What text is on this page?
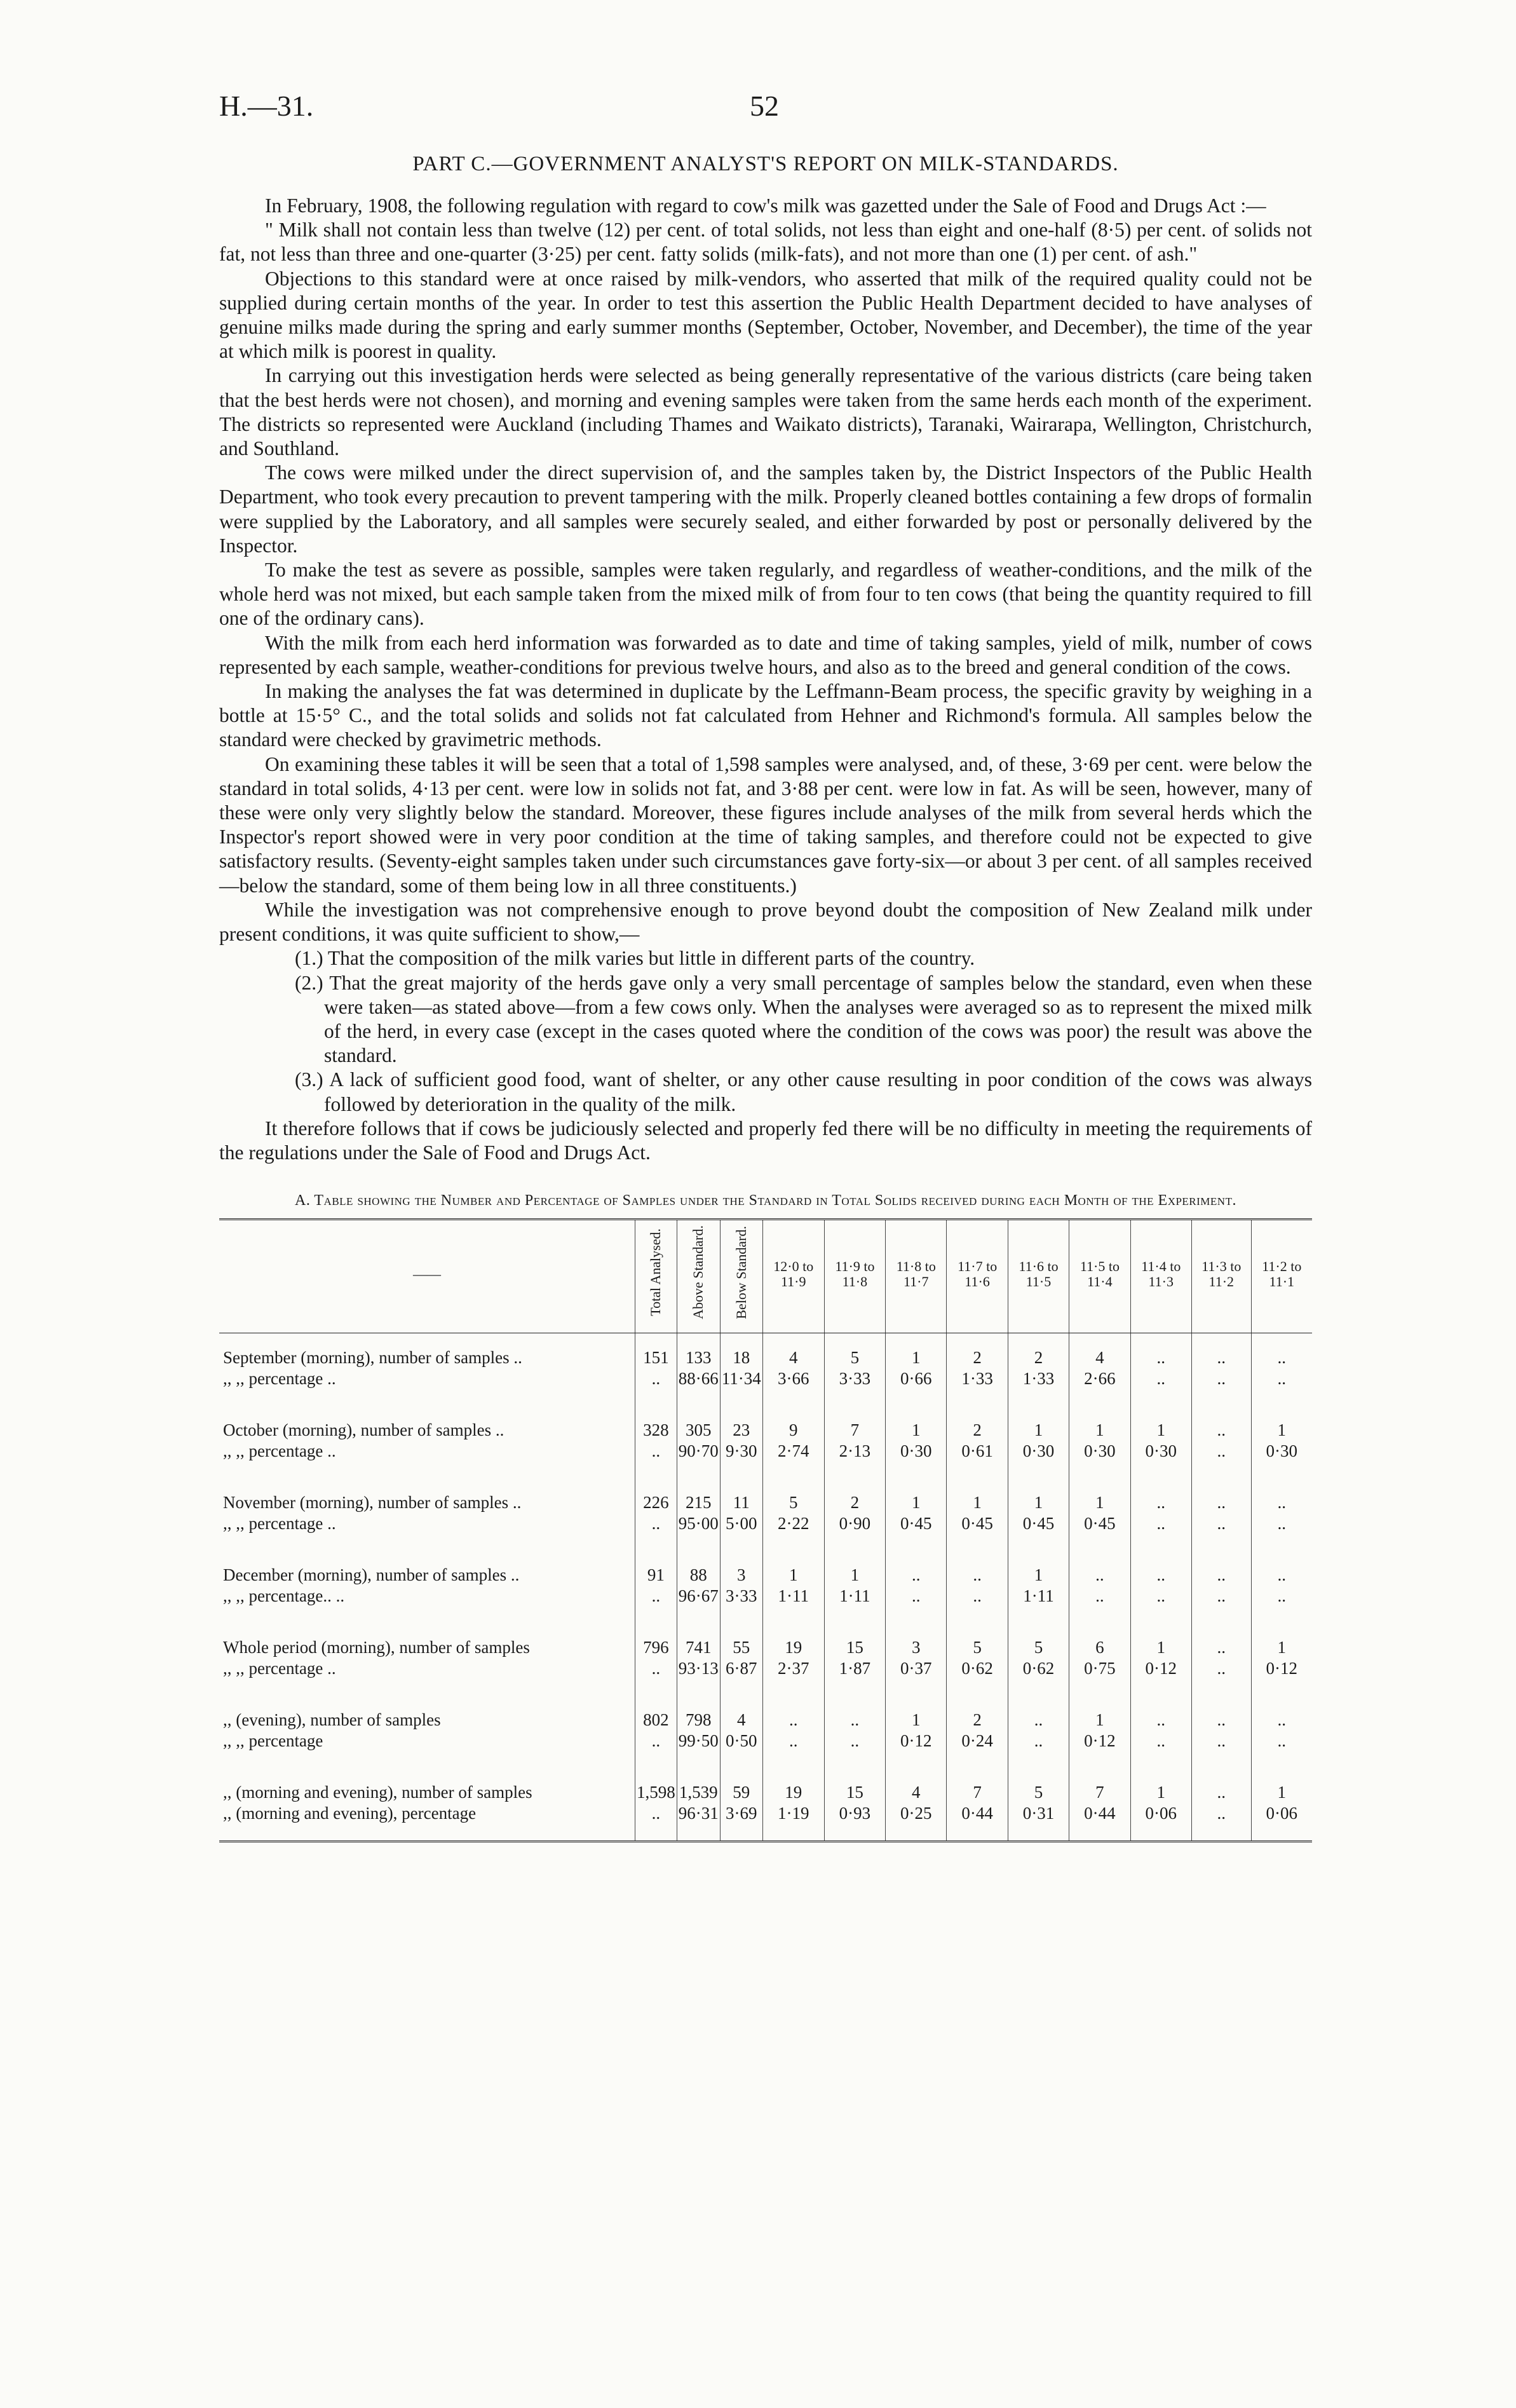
H.—31.	52
PART C.—GOVERNMENT ANALYST'S REPORT ON MILK-STANDARDS.

In February, 1908, the following regulation with regard to cow's milk was gazetted under the Sale of Food and Drugs Act :—

" Milk shall not contain less than twelve (12) per cent. of total solids, not less than eight and one-half (8·5) per cent. of solids not fat, not less than three and one-quarter (3·25) per cent. fatty solids (milk-fats), and not more than one (1) per cent. of ash."

Objections to this standard were at once raised by milk-vendors, who asserted that milk of the required quality could not be supplied during certain months of the year. In order to test this assertion the Public Health Department decided to have analyses of genuine milks made during the spring and early summer months (September, October, November, and December), the time of the year at which milk is poorest in quality.

In carrying out this investigation herds were selected as being generally representative of the various districts (care being taken that the best herds were not chosen), and morning and evening samples were taken from the same herds each month of the experiment. The districts so represented were Auckland (including Thames and Waikato districts), Taranaki, Wairarapa, Wellington, Christchurch, and Southland.

The cows were milked under the direct supervision of, and the samples taken by, the District Inspectors of the Public Health Department, who took every precaution to prevent tampering with the milk. Properly cleaned bottles containing a few drops of formalin were supplied by the Laboratory, and all samples were securely sealed, and either forwarded by post or personally delivered by the Inspector.

To make the test as severe as possible, samples were taken regularly, and regardless of weather-conditions, and the milk of the whole herd was not mixed, but each sample taken from the mixed milk of from four to ten cows (that being the quantity required to fill one of the ordinary cans).

With the milk from each herd information was forwarded as to date and time of taking samples, yield of milk, number of cows represented by each sample, weather-conditions for previous twelve hours, and also as to the breed and general condition of the cows.

In making the analyses the fat was determined in duplicate by the Leffmann-Beam process, the specific gravity by weighing in a bottle at 15·5° C., and the total solids and solids not fat calculated from Hehner and Richmond's formula. All samples below the standard were checked by gravimetric methods.

On examining these tables it will be seen that a total of 1,598 samples were analysed, and, of these, 3·69 per cent. were below the standard in total solids, 4·13 per cent. were low in solids not fat, and 3·88 per cent. were low in fat. As will be seen, however, many of these were only very slightly below the standard. Moreover, these figures include analyses of the milk from several herds which the Inspector's report showed were in very poor condition at the time of taking samples, and therefore could not be expected to give satisfactory results. (Seventy-eight samples taken under such circumstances gave forty-six—or about 3 per cent. of all samples received—below the standard, some of them being low in all three constituents.)

While the investigation was not comprehensive enough to prove beyond doubt the composition of New Zealand milk under present conditions, it was quite sufficient to show,—

(1.) That the composition of the milk varies but little in different parts of the country.

(2.) That the great majority of the herds gave only a very small percentage of samples below the standard, even when these were taken—as stated above—from a few cows only. When the analyses were averaged so as to represent the mixed milk of the herd, in every case (except in the cases quoted where the condition of the cows was poor) the result was above the standard.

(3.) A lack of sufficient good food, want of shelter, or any other cause resulting in poor condition of the cows was always followed by deterioration in the quality of the milk.

It therefore follows that if cows be judiciously selected and properly fed there will be no difficulty in meeting the requirements of the regulations under the Sale of Food and Drugs Act.

A. Table showing the Number and Percentage of Samples under the Standard in Total Solids received during each Month of the Experiment.
——	Total Analysed.	Above Standard.	Below Standard.	12·0 to 11·9	11·9 to 11·8	11·8 to 11·7	11·7 to 11·6	11·6 to 11·5	11·5 to 11·4	11·4 to 11·3	11·3 to 11·2	11·2 to 11·1
September (morning), number of samples ..	151	133	18	4	5	1	2	2	4	..	..	..
,, ,, percentage ..	..	88·66	11·34	3·66	3·33	0·66	1·33	1·33	2·66	..	..	..
October (morning), number of samples ..	328	305	23	9	7	1	2	1	1	1	..	1
,, ,, percentage ..	..	90·70	9·30	2·74	2·13	0·30	0·61	0·30	0·30	0·30	..	0·30
November (morning), number of samples ..	226	215	11	5	2	1	1	1	1	..	..	..
,, ,, percentage ..	..	95·00	5·00	2·22	0·90	0·45	0·45	0·45	0·45	..	..	..
December (morning), number of samples ..	91	88	3	1	1	..	..	1	..	..	..	..
,, ,, percentage.. ..	..	96·67	3·33	1·11	1·11	..	..	1·11	..	..	..	..
Whole period (morning), number of samples	796	741	55	19	15	3	5	5	6	1	..	1
,, ,, percentage ..	..	93·13	6·87	2·37	1·87	0·37	0·62	0·62	0·75	0·12	..	0·12
,, (evening), number of samples	802	798	4	..	..	1	2	..	1	..	..	..
,, ,, percentage	..	99·50	0·50	..	..	0·12	0·24	..	0·12	..	..	..
,, (morning and evening), number of samples	1,598	1,539	59	19	15	4	7	5	7	1	..	1
,, (morning and evening), percentage	..	96·31	3·69	1·19	0·93	0·25	0·44	0·31	0·44	0·06	..	0·06
